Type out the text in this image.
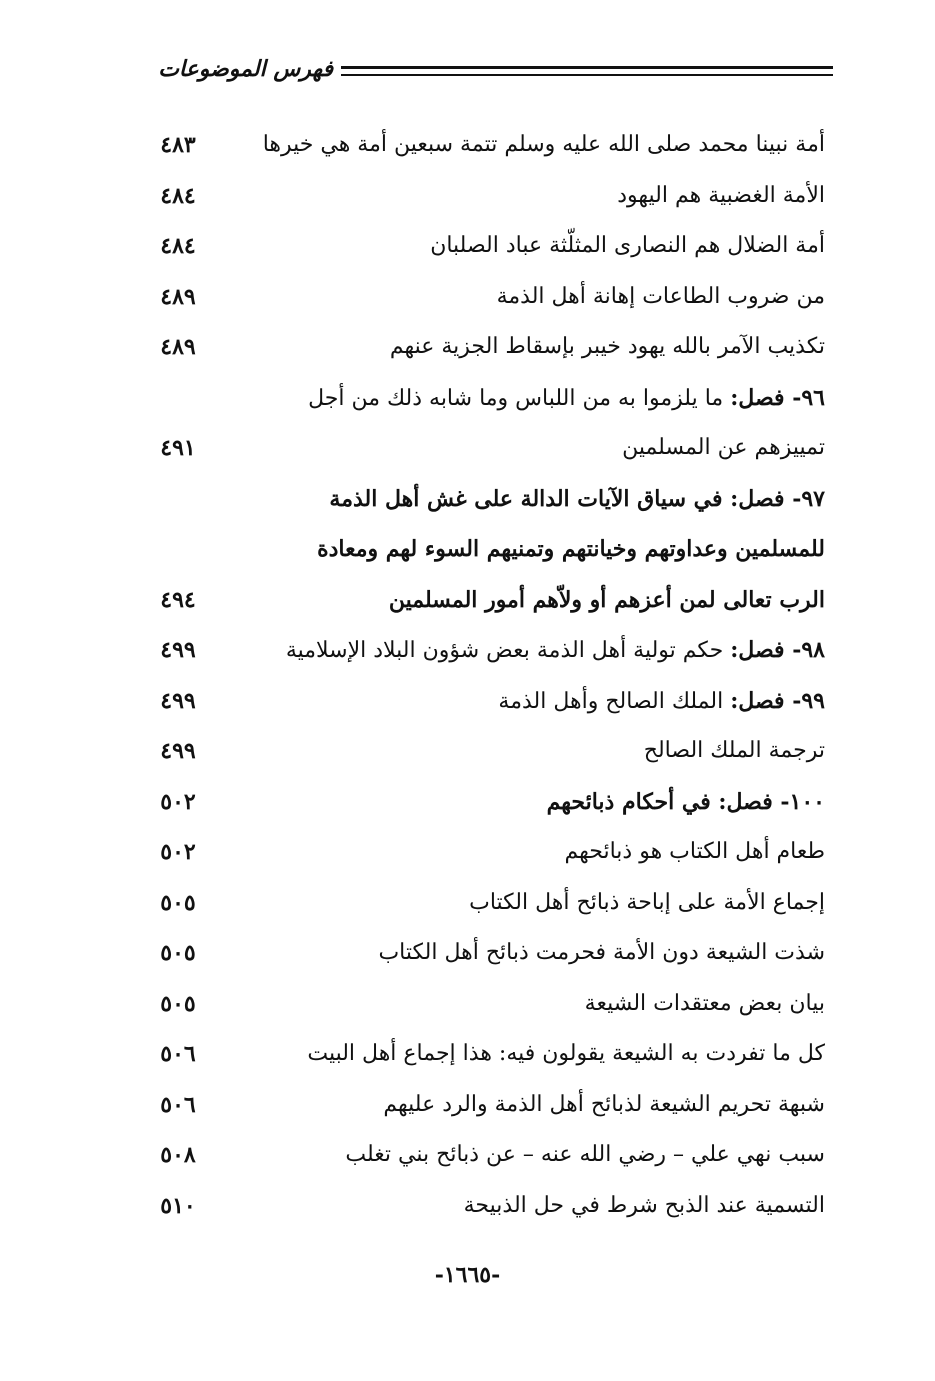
فهرس الموضوعات
أمة نبينا محمد صلى الله عليه وسلم تتمة سبعين أمة هي خيرها
٤٨٣
الأمة الغضبية هم اليهود
٤٨٤
أمة الضلال هم النصارى المثلّثة عباد الصلبان
٤٨٤
من ضروب الطاعات إهانة أهل الذمة
٤٨٩
تكذيب الآمر بالله يهود خيبر بإسقاط الجزية عنهم
٤٨٩
٩٦- فصل: ما يلزموا به من اللباس وما شابه ذلك من أجل
تمييزهم عن المسلمين
٤٩١
٩٧- فصل: في سياق الآيات الدالة على غش أهل الذمة
للمسلمين وعداوتهم وخيانتهم وتمنيهم السوء لهم ومعادة
الرب تعالى لمن أعزهم أو ولاّهم أمور المسلمين
٤٩٤
٩٨- فصل: حكم تولية أهل الذمة بعض شؤون البلاد الإسلامية
٤٩٩
٩٩- فصل: الملك الصالح وأهل الذمة
٤٩٩
ترجمة الملك الصالح
٤٩٩
١٠٠- فصل: في أحكام ذبائحهم
٥٠٢
طعام أهل الكتاب هو ذبائحهم
٥٠٢
إجماع الأمة على إباحة ذبائح أهل الكتاب
٥٠٥
شذت الشيعة دون الأمة فحرمت ذبائح أهل الكتاب
٥٠٥
بيان بعض معتقدات الشيعة
٥٠٥
كل ما تفردت به الشيعة يقولون فيه: هذا إجماع أهل البيت
٥٠٦
شبهة تحريم الشيعة لذبائح أهل الذمة والرد عليهم
٥٠٦
سبب نهي علي – رضي الله عنه – عن ذبائح بني تغلب
٥٠٨
التسمية عند الذبح شرط في حل الذبيحة
٥١٠
-١٦٦٥-
